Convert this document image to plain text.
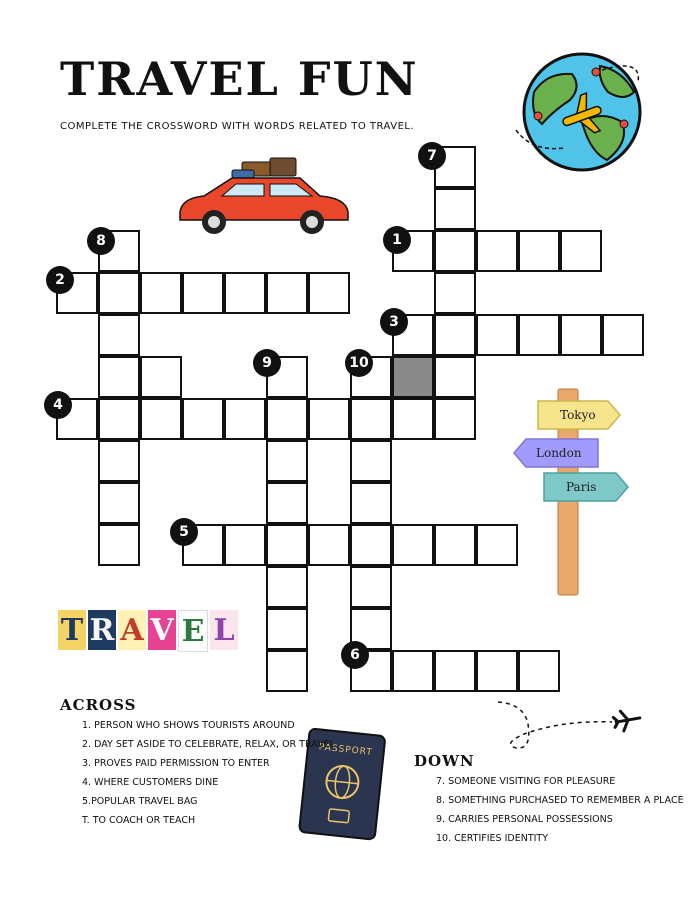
TRAVEL FUN
COMPLETE THE CROSSWORD WITH WORDS RELATED TO TRAVEL.
1
2
3
4
5
6
7
8
9	10
Tokyo
London
Paris
T R A V E L
PASSPORT
ACROSS
1. PERSON WHO SHOWS TOURISTS AROUND
2. DAY SET ASIDE TO CELEBRATE, RELAX, OR TRAVEL
3. PROVES PAID PERMISSION TO ENTER
4. WHERE CUSTOMERS DINE
5.POPULAR TRAVEL BAG
T. TO COACH OR TEACH
DOWN
7. SOMEONE VISITING FOR PLEASURE
8. SOMETHING PURCHASED TO REMEMBER A PLACE
9. CARRIES PERSONAL POSSESSIONS
10. CERTIFIES IDENTITY
